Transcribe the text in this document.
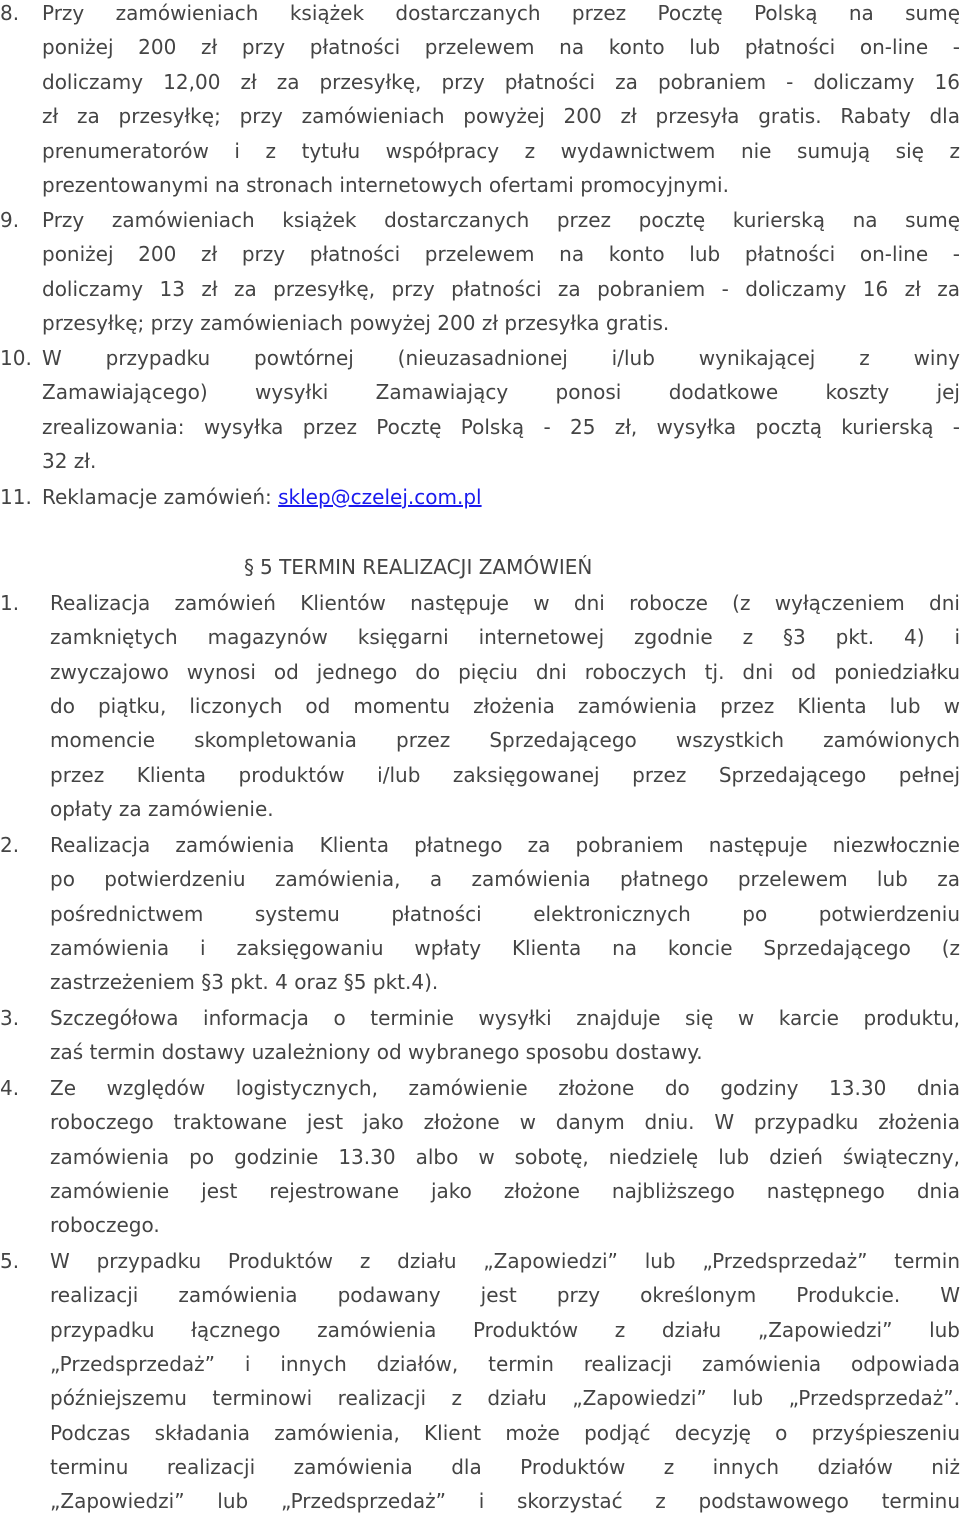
8. Przy zamówieniach książek dostarczanych przez Pocztę Polską na sumę
poniżej 200 zł przy płatności przelewem na konto lub płatności on-line -
doliczamy 12,00 zł za przesyłkę, przy płatności za pobraniem - doliczamy 16
zł za przesyłkę; przy zamówieniach powyżej 200 zł przesyła gratis. Rabaty dla
prenumeratorów i z tytułu współpracy z wydawnictwem nie sumują się z
prezentowanymi na stronach internetowych ofertami promocyjnymi.
9. Przy zamówieniach książek dostarczanych przez pocztę kurierską na sumę
poniżej 200 zł przy płatności przelewem na konto lub płatności on-line -
doliczamy 13 zł za przesyłkę, przy płatności za pobraniem - doliczamy 16 zł za
przesyłkę; przy zamówieniach powyżej 200 zł przesyłka gratis.
10. W przypadku powtórnej (nieuzasadnionej i/lub wynikającej z winy
Zamawiającego) wysyłki Zamawiający ponosi dodatkowe koszty jej
zrealizowania: wysyłka przez Pocztę Polską - 25 zł, wysyłka pocztą kurierską -
32 zł.
11. Reklamacje zamówień: sklep@czelej.com.pl
§ 5 TERMIN REALIZACJI ZAMÓWIEŃ
1. Realizacja zamówień Klientów następuje w dni robocze (z wyłączeniem dni
zamkniętych magazynów księgarni internetowej zgodnie z §3 pkt. 4) i
zwyczajowo wynosi od jednego do pięciu dni roboczych tj. dni od poniedziałku
do piątku, liczonych od momentu złożenia zamówienia przez Klienta lub w
momencie skompletowania przez Sprzedającego wszystkich zamówionych
przez Klienta produktów i/lub zaksięgowanej przez Sprzedającego pełnej
opłaty za zamówienie.
2. Realizacja zamówienia Klienta płatnego za pobraniem następuje niezwłocznie
po potwierdzeniu zamówienia, a zamówienia płatnego przelewem lub za
pośrednictwem systemu płatności elektronicznych po potwierdzeniu
zamówienia i zaksięgowaniu wpłaty Klienta na koncie Sprzedającego (z
zastrzeżeniem §3 pkt. 4 oraz §5 pkt.4).
3. Szczegółowa informacja o terminie wysyłki znajduje się w karcie produktu,
zaś termin dostawy uzależniony od wybranego sposobu dostawy.
4. Ze względów logistycznych, zamówienie złożone do godziny 13.30 dnia
roboczego traktowane jest jako złożone w danym dniu. W przypadku złożenia
zamówienia po godzinie 13.30 albo w sobotę, niedzielę lub dzień świąteczny,
zamówienie jest rejestrowane jako złożone najbliższego następnego dnia
roboczego.
5. W przypadku Produktów z działu „Zapowiedzi” lub „Przedsprzedaż” termin
realizacji zamówienia podawany jest przy określonym Produkcie. W
przypadku łącznego zamówienia Produktów z działu „Zapowiedzi” lub
„Przedsprzedaż” i innych działów, termin realizacji zamówienia odpowiada
późniejszemu terminowi realizacji z działu „Zapowiedzi” lub „Przedsprzedaż”.
Podczas składania zamówienia, Klient może podjąć decyzję o przyśpieszeniu
terminu realizacji zamówienia dla Produktów z innych działów niż
„Zapowiedzi” lub „Przedsprzedaż” i skorzystać z podstawowego terminu
